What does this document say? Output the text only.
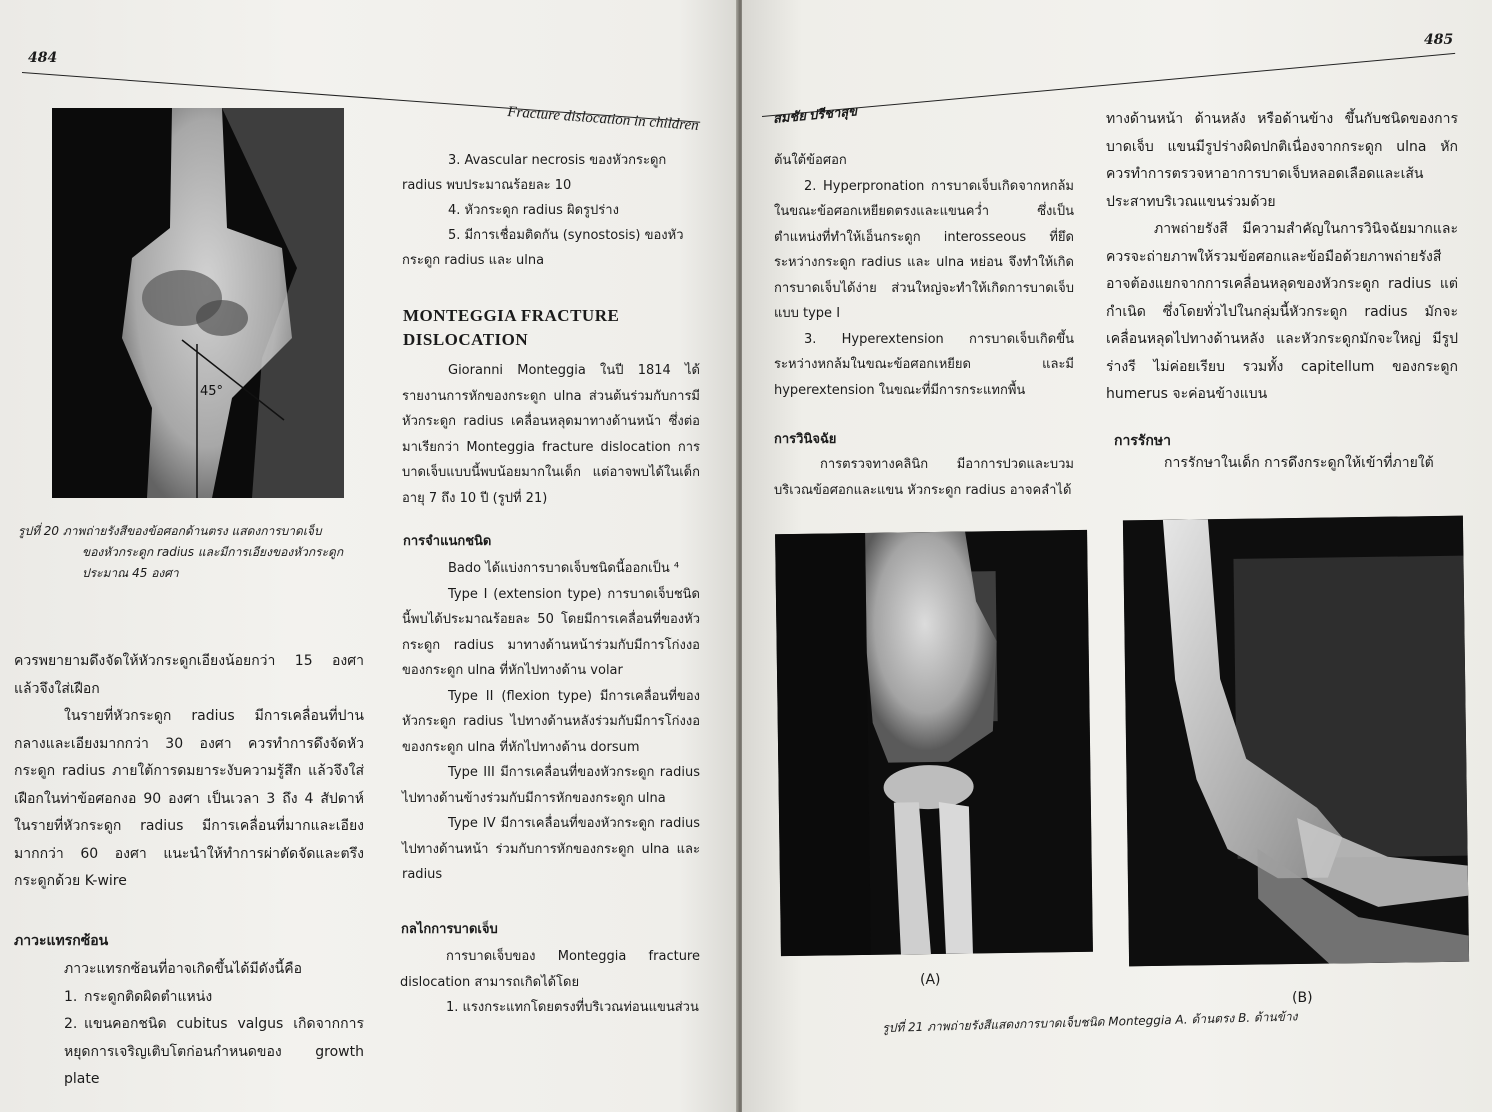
484
Fracture dislocation in children
45°
รูปที่ 20 ภาพถ่ายรังสีของข้อศอกด้านตรง แสดงการบาดเจ็บ
ของหัวกระดูก radius และมีการเอียงของหัวกระดูก
ประมาณ 45 องศา

ควรพยายามดึงจัดให้หัวกระดูกเอียงน้อยกว่า 15 องศา แล้วจึงใส่เฝือก

ในรายที่หัวกระดูก radius มีการเคลื่อนที่ปานกลางและเอียงมากกว่า 30 องศา ควรทำการดึงจัดหัวกระดูก radius ภายใต้การดมยาระงับความรู้สึก แล้วจึงใส่เฝือกในท่าข้อศอกงอ 90 องศา เป็นเวลา 3 ถึง 4 สัปดาห์ ในรายที่หัวกระดูก radius มีการเคลื่อนที่มากและเอียงมากกว่า 60 องศา แนะนำให้ทำการผ่าตัดจัดและตรึงกระดูกด้วย K-wire

ภาวะแทรกซ้อน
ภาวะแทรกซ้อนที่อาจเกิดขึ้นได้มีดังนี้คือ
1. กระดูกติดผิดตำแหน่ง
2. แขนคอกชนิด cubitus valgus เกิดจากการหยุดการเจริญเติบโตก่อนกำหนดของ growth plate
3. Avascular necrosis ของหัวกระดูก radius พบประมาณร้อยละ 10
4. หัวกระดูก radius ผิดรูปร่าง
5. มีการเชื่อมติดกัน (synostosis) ของหัวกระดูก radius และ ulna
MONTEGGIA FRACTURE DISLOCATION

Gioranni Monteggia ในปี 1814 ได้รายงานการหักของกระดูก ulna ส่วนต้นร่วมกับการมีหัวกระดูก radius เคลื่อนหลุดมาทางด้านหน้า ซึ่งต่อมาเรียกว่า Monteggia fracture dislocation การบาดเจ็บแบบนี้พบน้อยมากในเด็ก แต่อาจพบได้ในเด็กอายุ 7 ถึง 10 ปี (รูปที่ 21)

การจำแนกชนิด

Bado ได้แบ่งการบาดเจ็บชนิดนี้ออกเป็น ⁴

Type I (extension type) การบาดเจ็บชนิดนี้พบได้ประมาณร้อยละ 50 โดยมีการเคลื่อนที่ของหัวกระดูก radius มาทางด้านหน้าร่วมกับมีการโก่งงอของกระดูก ulna ที่หักไปทางด้าน volar

Type II (flexion type) มีการเคลื่อนที่ของหัวกระดูก radius ไปทางด้านหลังร่วมกับมีการโก่งงอของกระดูก ulna ที่หักไปทางด้าน dorsum

Type III มีการเคลื่อนที่ของหัวกระดูก radius ไปทางด้านข้างร่วมกับมีการหักของกระดูก ulna

Type IV มีการเคลื่อนที่ของหัวกระดูก radius ไปทางด้านหน้า ร่วมกับการหักของกระดูก ulna และ radius

กลไกการบาดเจ็บ

การบาดเจ็บของ Monteggia fracture dislocation สามารถเกิดได้โดย

1. แรงกระแทกโดยตรงที่บริเวณท่อนแขนส่วน

485
สมชัย ปรีชาสุข
ต้นใต้ข้อศอก

2. Hyperpronation การบาดเจ็บเกิดจากหกล้มในขณะข้อศอกเหยียดตรงและแขนคว่ำ ซึ่งเป็นตำแหน่งที่ทำให้เอ็นกระดูก interosseous ที่ยึดระหว่างกระดูก radius และ ulna หย่อน จึงทำให้เกิดการบาดเจ็บได้ง่าย ส่วนใหญ่จะทำให้เกิดการบาดเจ็บแบบ type I

3. Hyperextension การบาดเจ็บเกิดขึ้นระหว่างหกล้มในขณะข้อศอกเหยียด และมี hyperextension ในขณะที่มีการกระแทกพื้น

การวินิจฉัย

การตรวจทางคลินิก มีอาการปวดและบวมบริเวณข้อศอกและแขน หัวกระดูก radius อาจคลำได้

ทางด้านหน้า ด้านหลัง หรือด้านข้าง ขึ้นกับชนิดของการบาดเจ็บ แขนมีรูปร่างผิดปกติเนื่องจากกระดูก ulna หัก ควรทำการตรวจหาอาการบาดเจ็บหลอดเลือดและเส้นประสาทบริเวณแขนร่วมด้วย

ภาพถ่ายรังสี มีความสำคัญในการวินิจฉัยมากและควรจะถ่ายภาพให้รวมข้อศอกและข้อมือด้วยภาพถ่ายรังสีอาจต้องแยกจากการเคลื่อนหลุดของหัวกระดูก radius แต่กำเนิด ซึ่งโดยทั่วไปในกลุ่มนี้หัวกระดูก radius มักจะเคลื่อนหลุดไปทางด้านหลัง และหัวกระดูกมักจะใหญ่ มีรูปร่างรี ไม่ค่อยเรียบ รวมทั้ง capitellum ของกระดูก humerus จะค่อนข้างแบน

การรักษา

การรักษาในเด็ก การดึงกระดูกให้เข้าที่ภายใต้

(A)
(B)
รูปที่ 21 ภาพถ่ายรังสีแสดงการบาดเจ็บชนิด Monteggia A. ด้านตรง B. ด้านข้าง
